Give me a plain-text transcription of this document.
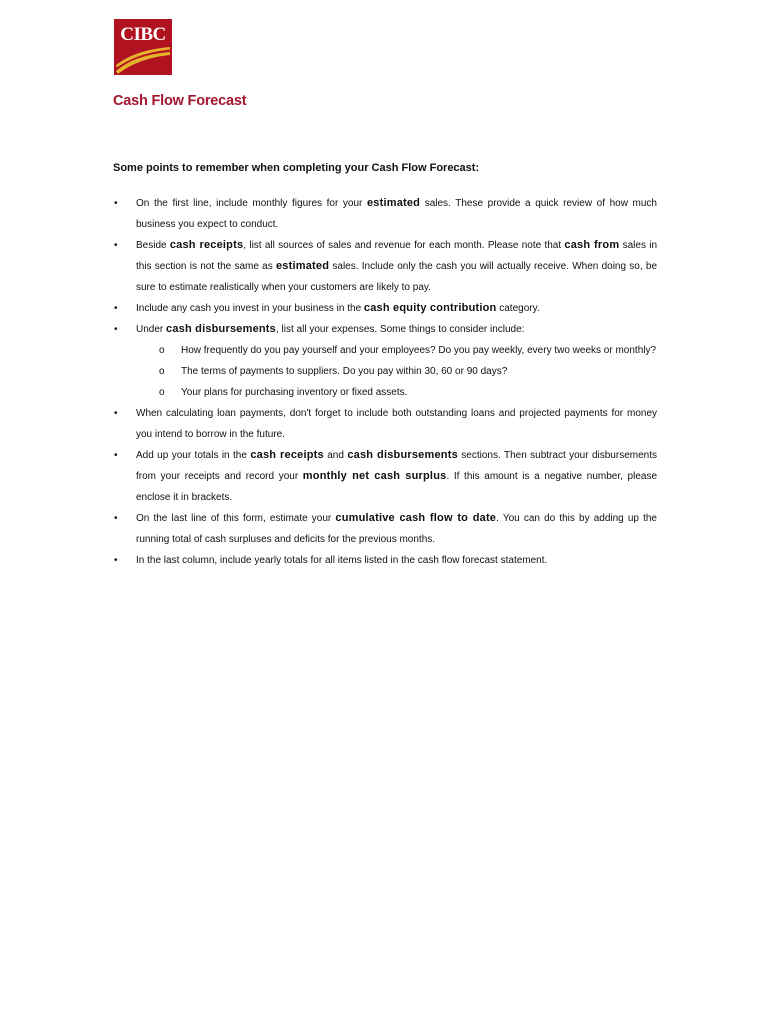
CIBC
Cash Flow Forecast
Some points to remember when completing your Cash Flow Forecast:
• On the first line, include monthly figures for your estimated sales. These provide a quick review of how much business you expect to conduct.
• Beside cash receipts, list all sources of sales and revenue for each month. Please note that cash from sales in this section is not the same as estimated sales. Include only the cash you will actually receive. When doing so, be sure to estimate realistically when your customers are likely to pay.
• Include any cash you invest in your business in the cash equity contribution category.
• Under cash disbursements, list all your expenses. Some things to consider include:
o How frequently do you pay yourself and your employees? Do you pay weekly, every two weeks or monthly?
o The terms of payments to suppliers. Do you pay within 30, 60 or 90 days?
o Your plans for purchasing inventory or fixed assets.
• When calculating loan payments, don't forget to include both outstanding loans and projected payments for money you intend to borrow in the future.
• Add up your totals in the cash receipts and cash disbursements sections. Then subtract your disbursements from your receipts and record your monthly net cash surplus. If this amount is a negative number, please enclose it in brackets.
• On the last line of this form, estimate your cumulative cash flow to date. You can do this by adding up the running total of cash surpluses and deficits for the previous months.
• In the last column, include yearly totals for all items listed in the cash flow forecast statement.
